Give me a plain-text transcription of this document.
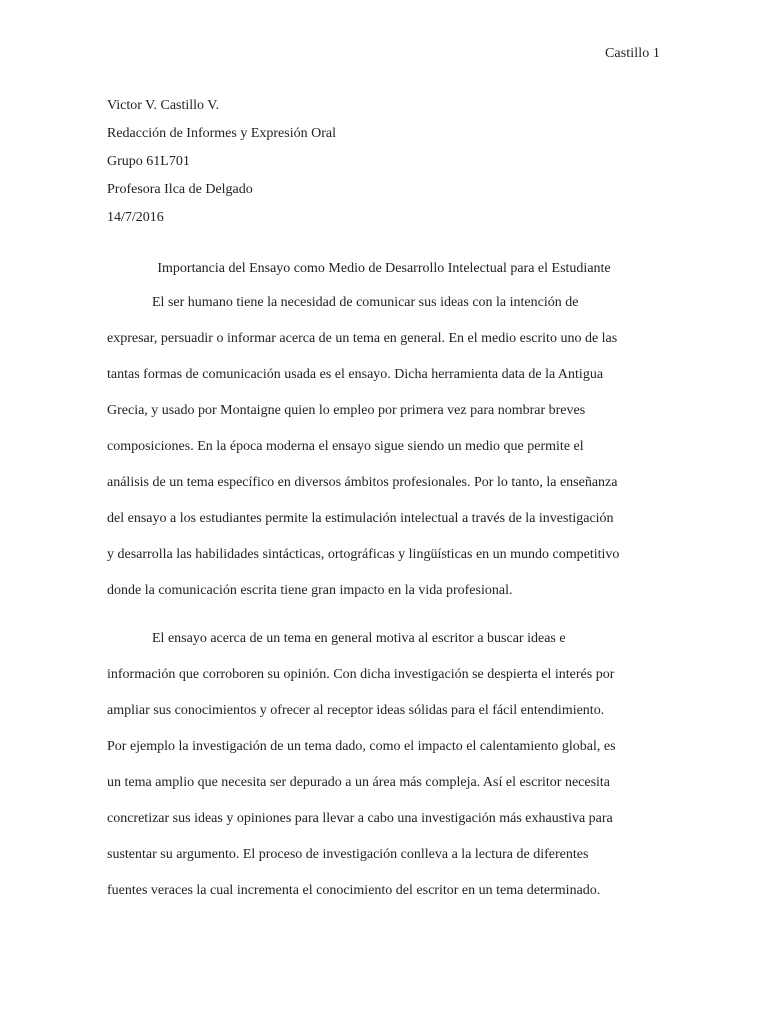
Castillo 1
Victor V. Castillo V.
Redacción de Informes y Expresión Oral
Grupo 61L701
Profesora Ilca de Delgado
14/7/2016
Importancia del Ensayo como Medio de Desarrollo Intelectual para el Estudiante
El ser humano tiene la necesidad de comunicar sus ideas con la intención de
expresar, persuadir o informar acerca de un tema en general. En el medio escrito uno de las
tantas formas de comunicación usada es el ensayo. Dicha herramienta data de la Antigua
Grecia, y usado por Montaigne quien lo empleo por primera vez para nombrar breves
composiciones. En la época moderna el ensayo sigue siendo un medio que permite el
análisis de un tema específico en diversos ámbitos profesionales. Por lo tanto, la enseñanza
del ensayo a los estudiantes permite la estimulación intelectual a través de la investigación
y desarrolla las habilidades sintácticas, ortográficas y lingüísticas en un mundo competitivo
donde la comunicación escrita tiene gran impacto en la vida profesional.
El ensayo acerca de un tema en general motiva al escritor a buscar ideas e
información que corroboren su opinión. Con dicha investigación se despierta el interés por
ampliar sus conocimientos y ofrecer al receptor ideas sólidas para el fácil entendimiento.
Por ejemplo la investigación de un tema dado, como el impacto el calentamiento global, es
un tema amplio que necesita ser depurado a un área más compleja. Así el escritor necesita
concretizar sus ideas y opiniones para llevar a cabo una investigación más exhaustiva para
sustentar su argumento. El proceso de investigación conlleva a la lectura de diferentes
fuentes veraces la cual incrementa el conocimiento del escritor en un tema determinado.
